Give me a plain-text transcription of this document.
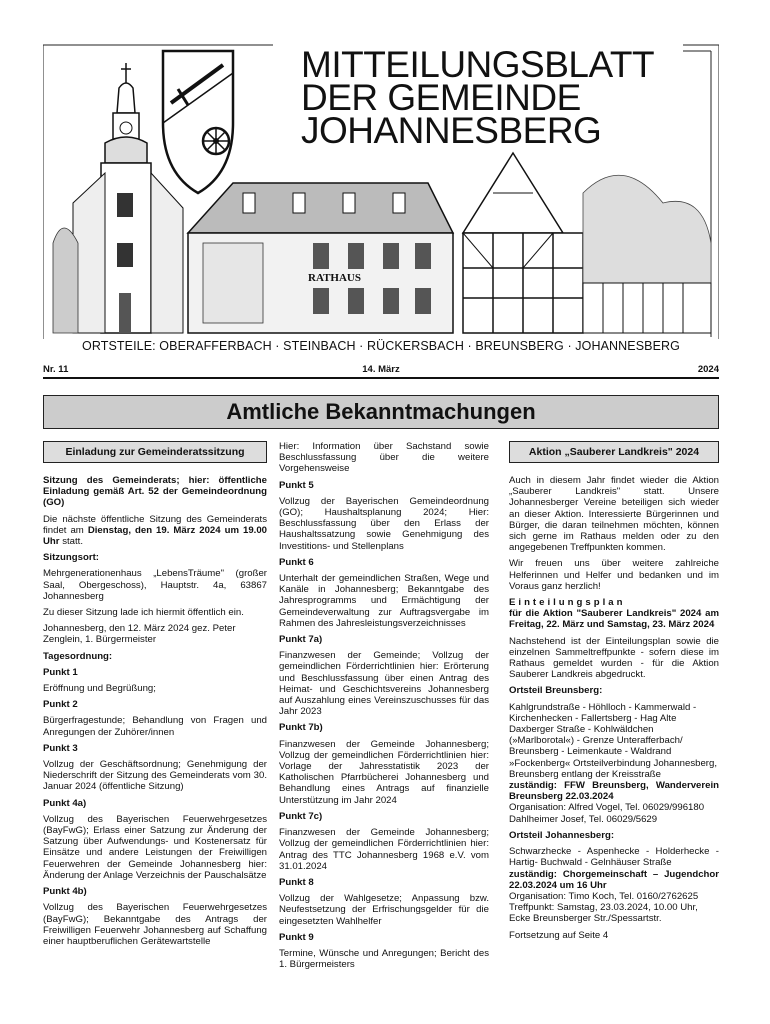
RATHAUS
MITTEILUNGSBLATT
DER GEMEINDE
JOHANNESBERG
ORTSTEILE: OBERAFFERBACH · STEINBACH · RÜCKERSBACH · BREUNSBERG · JOHANNESBERG
Nr. 11	14. März	2024
Amtliche Bekanntmachungen
Einladung zur Gemeinderatssitzung

Sitzung des Gemeinderats; hier: öffentliche Einladung gemäß Art. 52 der Gemeindeordnung (GO)

Die nächste öffentliche Sitzung des Gemeinderats findet am Dienstag, den 19. März 2024 um 19.00 Uhr statt.

Sitzungsort:

Mehrgenerationenhaus „LebensTräume" (großer Saal, Obergeschoss), Hauptstr. 4a, 63867 Johannesberg

Zu dieser Sitzung lade ich hiermit öffentlich ein.

Johannesberg, den 12. März 2024 gez. Peter Zenglein, 1. Bürgermeister

Tagesordnung:

Punkt 1

Eröffnung und Begrüßung;

Punkt 2

Bürgerfragestunde; Behandlung von Fragen und Anregungen der Zuhörer/innen

Punkt 3

Vollzug der Geschäftsordnung; Genehmigung der Niederschrift der Sitzung des Gemeinderats vom 30. Januar 2024 (öffentliche Sitzung)

Punkt 4a)

Vollzug des Bayerischen Feuerwehrgesetzes (BayFwG); Erlass einer Satzung zur Änderung der Satzung über Aufwendungs- und Kostenersatz für Einsätze und andere Leistungen der Freiwilligen Feuerwehren der Gemeinde Johannesberg hier: Änderung der Anlage Verzeichnis der Pauschalsätze

Punkt 4b)

Vollzug des Bayerischen Feuerwehrgesetzes (BayFwG); Bekanntgabe des Antrags der Freiwilligen Feuerwehr Johannesberg auf Schaffung einer hauptberuflichen Gerätewartstelle

Hier: Information über Sachstand sowie Beschlussfassung über die weitere Vorgehensweise

Punkt 5

Vollzug der Bayerischen Gemeindeordnung (GO); Haushaltsplanung 2024; Hier: Beschlussfassung über den Erlass der Haushaltssatzung sowie Genehmigung des Investitions- und Stellenplans

Punkt 6

Unterhalt der gemeindlichen Straßen, Wege und Kanäle in Johannesberg; Bekanntgabe des Jahresprogramms und Ermächtigung der Gemeindeverwaltung zur Auftragsvergabe im Rahmen des Jahresleistungsverzeichnisses

Punkt 7a)

Finanzwesen der Gemeinde; Vollzug der gemeindlichen Förderrichtlinien hier: Erörterung und Beschlussfassung über einen Antrag des Heimat- und Geschichtsvereins Johannesberg auf Auszahlung eines Vereinszuschusses für das Jahr 2023

Punkt 7b)

Finanzwesen der Gemeinde Johannesberg; Vollzug der gemeindlichen Förderrichtlinien hier: Vorlage der Jahresstatistik 2023 der Katholischen Pfarrbücherei Johannesberg und Behandlung eines Antrags auf finanzielle Unterstützung im Jahr 2024

Punkt 7c)

Finanzwesen der Gemeinde Johannesberg; Vollzug der gemeindlichen Förderrichtlinien hier: Antrag des TTC Johannesberg 1968 e.V. vom 31.01.2024

Punkt 8

Vollzug der Wahlgesetze; Anpassung bzw. Neufestsetzung der Erfrischungsgelder für die eingesetzten Wahlhelfer

Punkt 9

Termine, Wünsche und Anregungen; Bericht des 1. Bürgermeisters

Aktion „Sauberer Landkreis" 2024

Auch in diesem Jahr findet wieder die Aktion „Sauberer Landkreis" statt. Unsere Johannesberger Vereine beteiligen sich wieder an dieser Aktion. Interessierte Bürgerinnen und Bürger, die daran teilnehmen möchten, können sich gerne im Rathaus melden oder zu den angegebenen Treffpunkten kommen.

Wir freuen uns über weitere zahlreiche Helferinnen und Helfer und bedanken und im Voraus ganz herzlich!

Einteilungsplan

für die Aktion "Sauberer Landkreis" 2024 am Freitag, 22. März und Samstag, 23. März 2024

Nachstehend ist der Einteilungsplan sowie die einzelnen Sammeltreffpunkte - sofern diese im Rathaus gemeldet wurden - für die Aktion Sauberer Landkreis abgedruckt.

Ortsteil Breunsberg:

Kahlgrundstraße - Höhlloch - Kammerwald - Kirchenhecken - Fallertsberg - Hag Alte Daxberger Straße - Kohlwäldchen (»Marlborotal«) - Grenze Unterafferbach/ Breunsberg - Leimenkaute - Waldrand »Fockenberg« Ortsteilverbindung Johannesberg, Breunsberg entlang der Kreisstraße

zuständig: FFW Breunsberg, Wanderverein Breunsberg 22.03.2024

Organisation: Alfred Vogel, Tel. 06029/996180 Dahlheimer Josef, Tel. 06029/5629

Ortsteil Johannesberg:

Schwarzhecke - Aspenhecke - Holderhecke - Hartig- Buchwald - Gelnhäuser Straße

zuständig: Chorgemeinschaft – Jugendchor 22.03.2024 um 16 Uhr

Organisation: Timo Koch, Tel. 0160/2762625 Treffpunkt: Samstag, 23.03.2024, 10.00 Uhr, Ecke Breunsberger Str./Spessartstr.

Fortsetzung auf Seite 4
